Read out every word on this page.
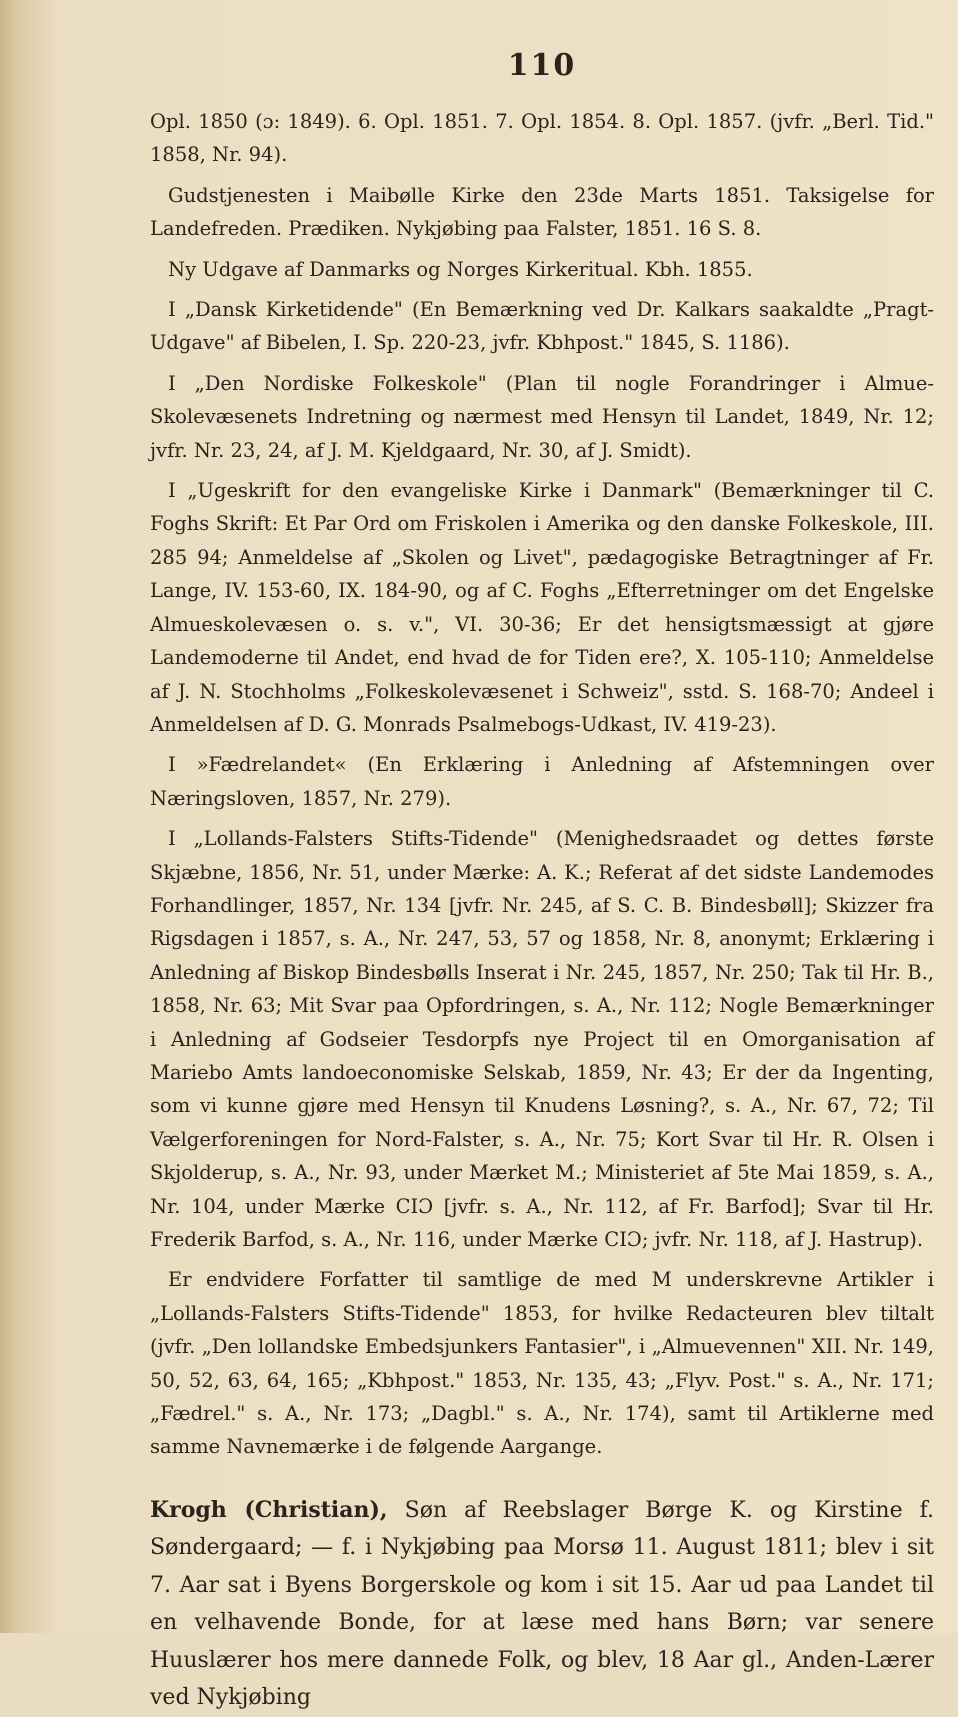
110

Opl. 1850 (ɔ: 1849). 6. Opl. 1851. 7. Opl. 1854. 8. Opl. 1857. (jvfr. „Berl. Tid." 1858, Nr. 94).

Gudstjenesten i Maibølle Kirke den 23de Marts 1851. Taksigelse for Landefreden. Prædiken. Nykjøbing paa Falster, 1851. 16 S. 8.

Ny Udgave af Danmarks og Norges Kirkeritual. Kbh. 1855.

I „Dansk Kirketidende" (En Bemærkning ved Dr. Kalkars saakaldte „Pragt-Udgave" af Bibelen, I. Sp. 220-23, jvfr. Kbhpost." 1845, S. 1186).

I „Den Nordiske Folkeskole" (Plan til nogle Forandringer i Almue-Skolevæsenets Indretning og nærmest med Hensyn til Landet, 1849, Nr. 12; jvfr. Nr. 23, 24, af J. M. Kjeldgaard, Nr. 30, af J. Smidt).

I „Ugeskrift for den evangeliske Kirke i Danmark" (Bemærkninger til C. Foghs Skrift: Et Par Ord om Friskolen i Amerika og den danske Folkeskole, III. 285 94; Anmeldelse af „Skolen og Livet", pædagogiske Betragtninger af Fr. Lange, IV. 153-60, IX. 184-90, og af C. Foghs „Efterretninger om det Engelske Almueskolevæsen o. s. v.", VI. 30-36; Er det hensigtsmæssigt at gjøre Landemoderne til Andet, end hvad de for Tiden ere?, X. 105-110; Anmeldelse af J. N. Stochholms „Folkeskolevæsenet i Schweiz", sstd. S. 168-70; Andeel i Anmeldelsen af D. G. Monrads Psalmebogs-Udkast, IV. 419-23).

I »Fædrelandet« (En Erklæring i Anledning af Afstemningen over Næringsloven, 1857, Nr. 279).

I „Lollands-Falsters Stifts-Tidende" (Menighedsraadet og dettes første Skjæbne, 1856, Nr. 51, under Mærke: A. K.; Referat af det sidste Landemodes Forhandlinger, 1857, Nr. 134 [jvfr. Nr. 245, af S. C. B. Bindesbøll]; Skizzer fra Rigsdagen i 1857, s. A., Nr. 247, 53, 57 og 1858, Nr. 8, anonymt; Erklæring i Anledning af Biskop Bindesbølls Inserat i Nr. 245, 1857, Nr. 250; Tak til Hr. B., 1858, Nr. 63; Mit Svar paa Opfordringen, s. A., Nr. 112; Nogle Bemærkninger i Anledning af Godseier Tesdorpfs nye Project til en Omorganisation af Mariebo Amts landoeconomiske Selskab, 1859, Nr. 43; Er der da Ingenting, som vi kunne gjøre med Hensyn til Knudens Løsning?, s. A., Nr. 67, 72; Til Vælgerforeningen for Nord-Falster, s. A., Nr. 75; Kort Svar til Hr. R. Olsen i Skjolderup, s. A., Nr. 93, under Mærket M.; Ministeriet af 5te Mai 1859, s. A., Nr. 104, under Mærke CIƆ [jvfr. s. A., Nr. 112, af Fr. Barfod]; Svar til Hr. Frederik Barfod, s. A., Nr. 116, under Mærke CIƆ; jvfr. Nr. 118, af J. Hastrup).

Er endvidere Forfatter til samtlige de med M underskrevne Artikler i „Lollands-Falsters Stifts-Tidende" 1853, for hvilke Redacteuren blev tiltalt (jvfr. „Den lollandske Embedsjunkers Fantasier", i „Almuevennen" XII. Nr. 149, 50, 52, 63, 64, 165; „Kbhpost." 1853, Nr. 135, 43; „Flyv. Post." s. A., Nr. 171; „Fædrel." s. A., Nr. 173; „Dagbl." s. A., Nr. 174), samt til Artiklerne med samme Navnemærke i de følgende Aargange.

Krogh (Christian), Søn af Reebslager Børge K. og Kirstine f. Søndergaard; — f. i Nykjøbing paa Morsø 11. August 1811; blev i sit 7. Aar sat i Byens Borgerskole og kom i sit 15. Aar ud paa Landet til en velhavende Bonde, for at læse med hans Børn; var senere Huuslærer hos mere dannede Folk, og blev, 18 Aar gl., Anden-Lærer ved Nykjøbing
